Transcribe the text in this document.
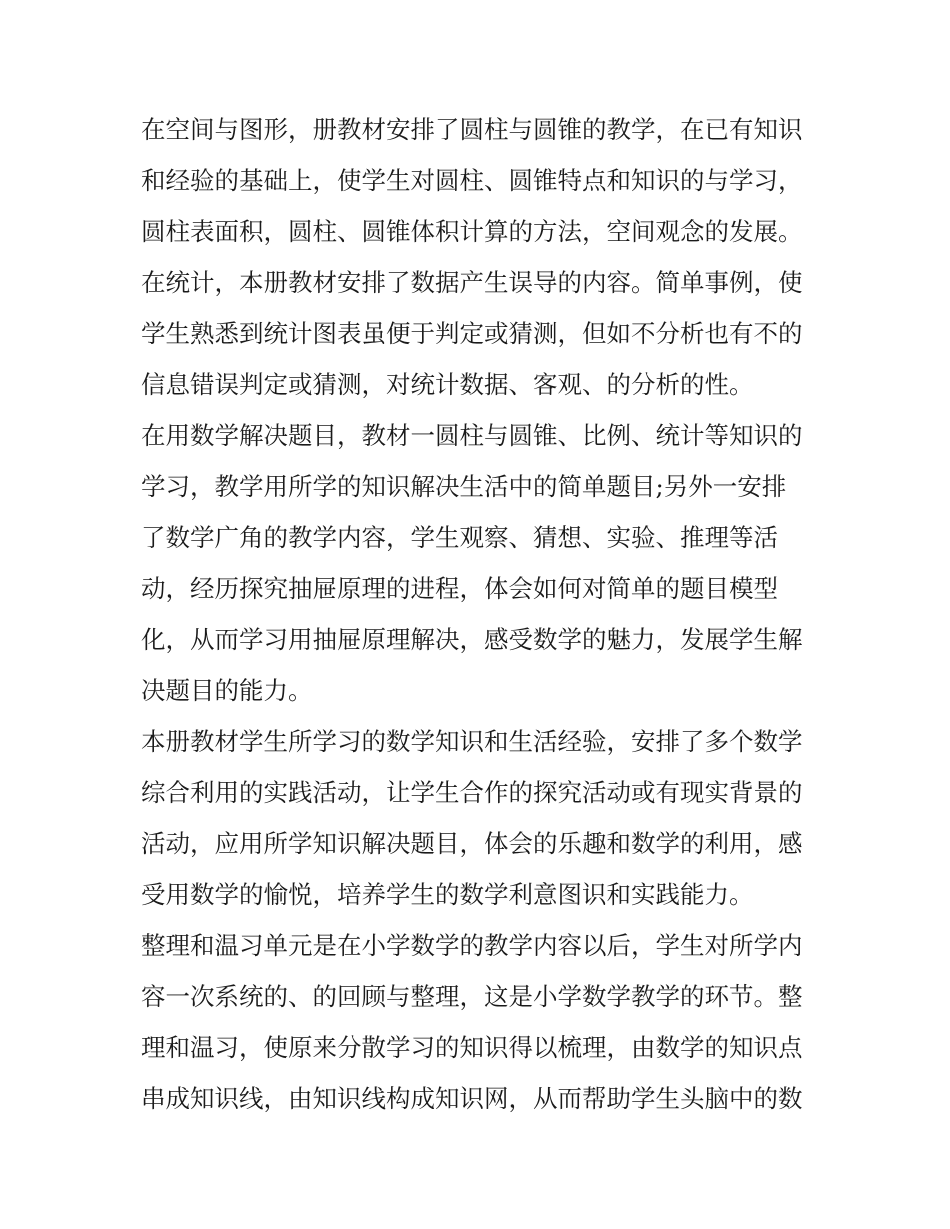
在空间与图形，册教材安排了圆柱与圆锥的教学，在已有知识
和经验的基础上，使学生对圆柱、圆锥特点和知识的与学习，
圆柱表面积，圆柱、圆锥体积计算的方法，空间观念的发展。
在统计，本册教材安排了数据产生误导的内容。简单事例，使
学生熟悉到统计图表虽便于判定或猜测，但如不分析也有不的
信息错误判定或猜测，对统计数据、客观、的分析的性。
在用数学解决题目，教材一圆柱与圆锥、比例、统计等知识的
学习，教学用所学的知识解决生活中的简单题目;另外一安排
了数学广角的教学内容，学生观察、猜想、实验、推理等活
动，经历探究抽屉原理的进程，体会如何对简单的题目模型
化，从而学习用抽屉原理解决，感受数学的魅力，发展学生解
决题目的能力。
本册教材学生所学习的数学知识和生活经验，安排了多个数学
综合利用的实践活动，让学生合作的探究活动或有现实背景的
活动，应用所学知识解决题目，体会的乐趣和数学的利用，感
受用数学的愉悦，培养学生的数学利意图识和实践能力。
整理和温习单元是在小学数学的教学内容以后，学生对所学内
容一次系统的、的回顾与整理，这是小学数学教学的环节。整
理和温习，使原来分散学习的知识得以梳理，由数学的知识点
串成知识线，由知识线构成知识网，从而帮助学生头脑中的数
